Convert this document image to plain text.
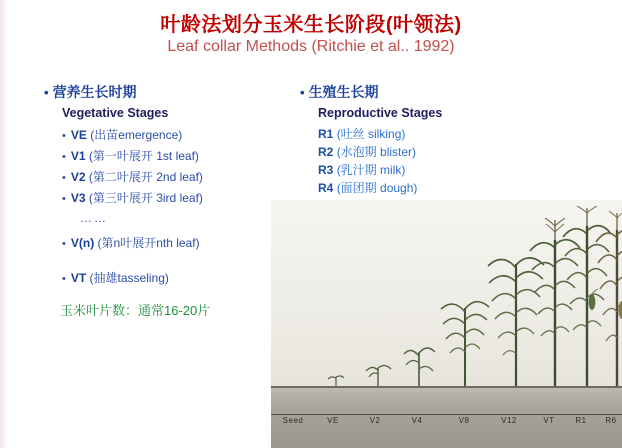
叶龄法划分玉米生长阶段(叶领法)
Leaf collar Methods (Ritchie et al.. 1992)
• 营养生长时期
Vegetative Stages
• VE (出苗emergence)
• V1 (第一叶展开 1st leaf)
• V2 (第二叶展开 2nd leaf)
• V3 (第三叶展开 3ird leaf)
……
• V(n) (第n叶展开nth leaf)
• VT (抽雄tasseling)
• 生殖生长期
Reproductive Stages
R1 (吐丝 silking)
R2 (水泡期 blister)
R3 (乳汁期 milk)
R4 (面团期 dough)
玉米叶片数：通常16-20片
Seed	VE	V2	V4	V8	V12	VT	R1 R6
